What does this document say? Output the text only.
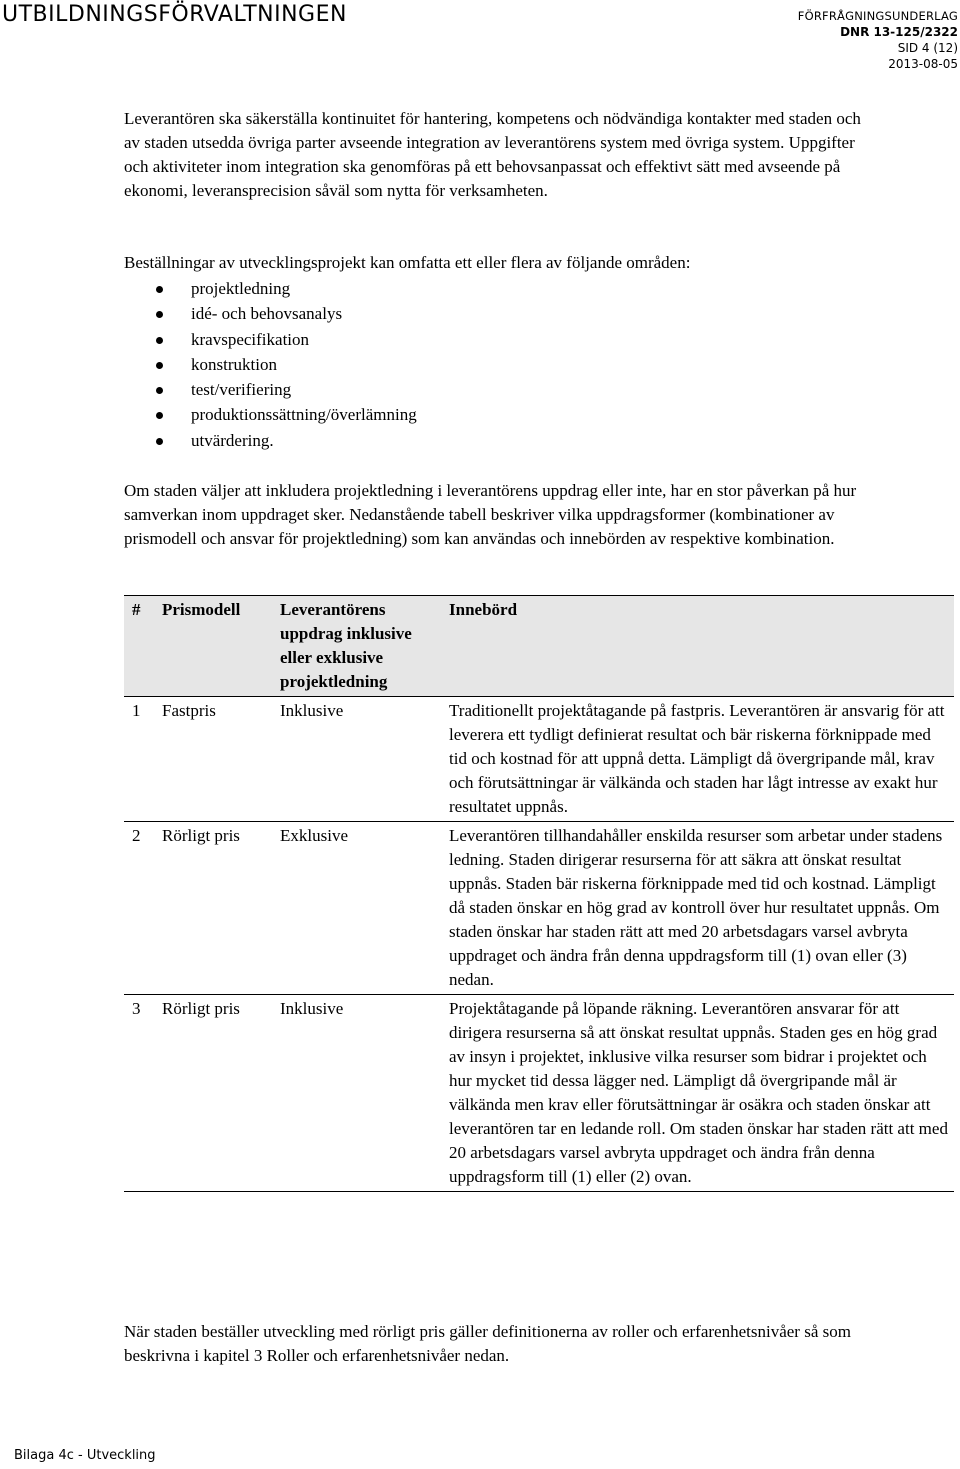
UTBILDNINGSFÖRVALTNINGEN	FÖRFRÅGNINGSUNDERLAG
DNR 13-125/2322
SID 4 (12)
2013-08-05
Leverantören ska säkerställa kontinuitet för hantering, kompetens och nödvändiga kontakter med staden och av staden utsedda övriga parter avseende integration av leverantörens system med övriga system. Uppgifter och aktiviteter inom integration ska genomföras på ett behovsanpassat och effektivt sätt med avseende på ekonomi, leveransprecision såväl som nytta för verksamheten.
Beställningar av utvecklingsprojekt kan omfatta ett eller flera av följande områden:
projektledning
idé- och behovsanalys
kravspecifikation
konstruktion
test/verifiering
produktionssättning/överlämning
utvärdering.
Om staden väljer att inkludera projektledning i leverantörens uppdrag eller inte, har en stor påverkan på hur samverkan inom uppdraget sker. Nedanstående tabell beskriver vilka uppdragsformer (kombinationer av prismodell och ansvar för projektledning) som kan användas och innebörden av respektive kombination.
#	Prismodell	Leverantörens uppdrag inklusive eller exklusive projektledning	Innebörd
1	Fastpris	Inklusive	Traditionellt projektåtagande på fastpris. Leverantören är ansvarig för att leverera ett tydligt definierat resultat och bär riskerna förknippade med tid och kostnad för att uppnå detta. Lämpligt då övergripande mål, krav och förutsättningar är välkända och staden har lågt intresse av exakt hur resultatet uppnås.
2	Rörligt pris	Exklusive	Leverantören tillhandahåller enskilda resurser som arbetar under stadens ledning. Staden dirigerar resurserna för att säkra att önskat resultat uppnås. Staden bär riskerna förknippade med tid och kostnad. Lämpligt då staden önskar en hög grad av kontroll över hur resultatet uppnås. Om staden önskar har staden rätt att med 20 arbetsdagars varsel avbryta uppdraget och ändra från denna uppdragsform till (1) ovan eller (3) nedan.
3	Rörligt pris	Inklusive	Projektåtagande på löpande räkning. Leverantören ansvarar för att dirigera resurserna så att önskat resultat uppnås. Staden ges en hög grad av insyn i projektet, inklusive vilka resurser som bidrar i projektet och hur mycket tid dessa lägger ned. Lämpligt då övergripande mål är välkända men krav eller förutsättningar är osäkra och staden önskar att leverantören tar en ledande roll. Om staden önskar har staden rätt att med 20 arbetsdagars varsel avbryta uppdraget och ändra från denna uppdragsform till (1) eller (2) ovan.
När staden beställer utveckling med rörligt pris gäller definitionerna av roller och erfarenhetsnivåer så som beskrivna i kapitel 3 Roller och erfarenhetsnivåer nedan.
Bilaga 4c - Utveckling
